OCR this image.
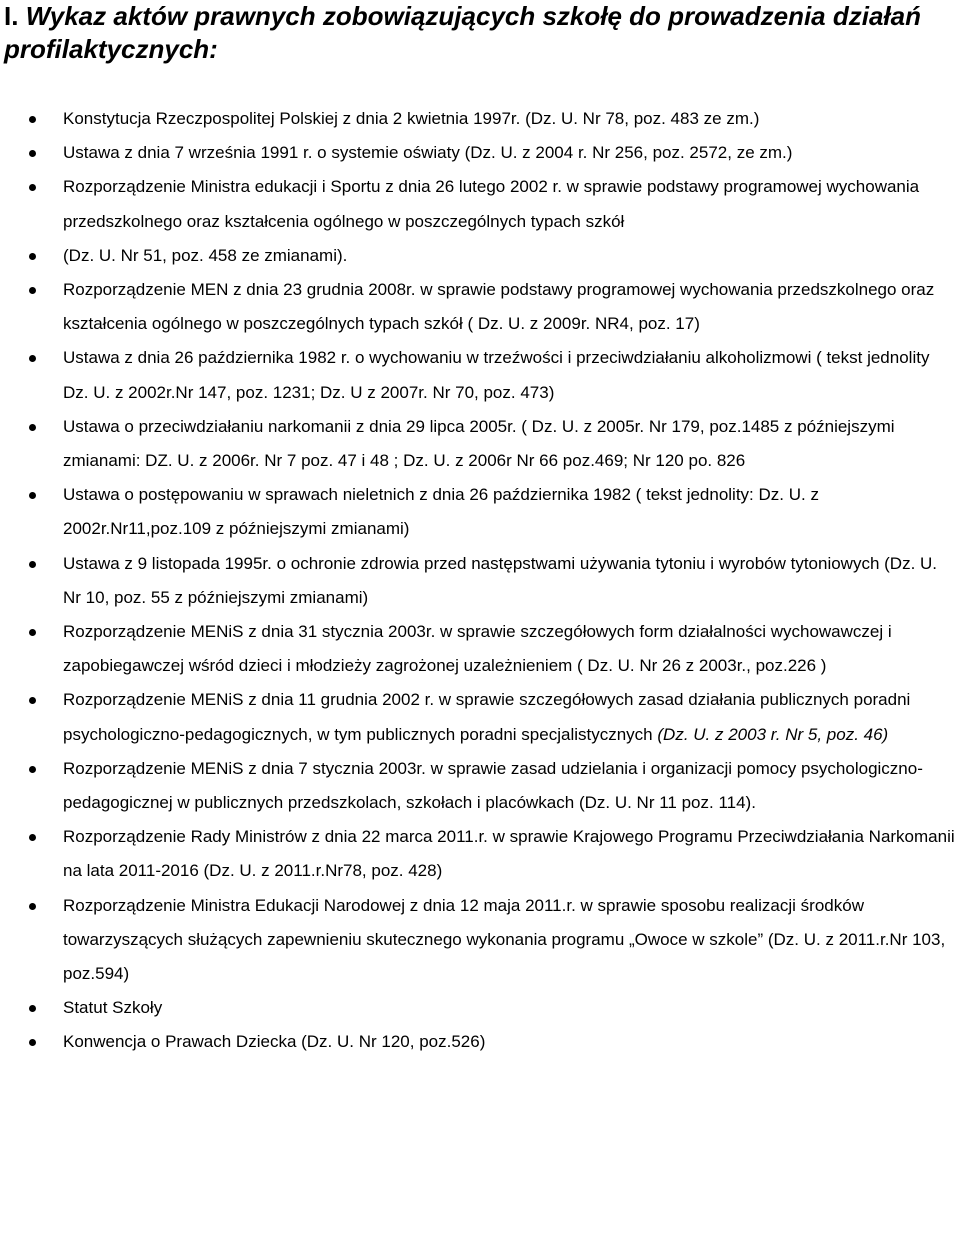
I. Wykaz aktów prawnych zobowiązujących szkołę do prowadzenia działań profilaktycznych:
Konstytucja Rzeczpospolitej Polskiej z dnia 2 kwietnia 1997r. (Dz. U. Nr 78, poz. 483 ze zm.)
Ustawa z dnia 7 września 1991 r. o systemie oświaty (Dz. U. z 2004 r. Nr 256, poz. 2572, ze zm.)
Rozporządzenie Ministra edukacji i Sportu z dnia 26 lutego 2002 r. w sprawie podstawy programowej wychowania przedszkolnego oraz kształcenia ogólnego w poszczególnych typach szkół
(Dz. U. Nr 51, poz. 458 ze zmianami).
Rozporządzenie MEN z dnia 23 grudnia 2008r. w sprawie podstawy programowej wychowania przedszkolnego oraz kształcenia ogólnego w poszczególnych typach szkół ( Dz. U. z 2009r. NR4, poz. 17)
Ustawa z dnia 26 października 1982 r. o wychowaniu w trzeźwości i przeciwdziałaniu alkoholizmowi ( tekst jednolity Dz. U. z 2002r.Nr 147, poz. 1231; Dz. U z 2007r. Nr 70, poz. 473)
Ustawa o przeciwdziałaniu narkomanii z dnia 29 lipca 2005r. ( Dz. U. z 2005r. Nr 179, poz.1485 z późniejszymi zmianami: DZ. U. z 2006r. Nr 7 poz. 47 i 48 ; Dz. U. z 2006r Nr 66 poz.469; Nr 120 po. 826
Ustawa o postępowaniu w sprawach nieletnich z dnia 26 października 1982 ( tekst jednolity: Dz. U. z 2002r.Nr11,poz.109 z późniejszymi zmianami)
Ustawa z 9 listopada 1995r. o ochronie zdrowia przed następstwami używania tytoniu i wyrobów tytoniowych (Dz. U. Nr 10, poz. 55 z późniejszymi zmianami)
Rozporządzenie MENiS z dnia 31 stycznia 2003r. w sprawie szczegółowych form działalności wychowawczej i zapobiegawczej wśród dzieci i młodzieży zagrożonej uzależnieniem ( Dz. U. Nr 26 z 2003r., poz.226 )
Rozporządzenie MENiS z dnia 11 grudnia 2002 r. w sprawie szczegółowych zasad działania publicznych poradni psychologiczno-pedagogicznych, w tym publicznych poradni specjalistycznych (Dz. U. z 2003 r. Nr 5, poz. 46)
Rozporządzenie MENiS z dnia 7 stycznia 2003r. w sprawie zasad udzielania i organizacji pomocy psychologiczno-pedagogicznej w publicznych przedszkolach, szkołach i placówkach (Dz. U. Nr 11 poz. 114).
Rozporządzenie Rady Ministrów z dnia 22 marca 2011.r. w sprawie Krajowego Programu Przeciwdziałania Narkomanii na lata 2011-2016 (Dz. U. z 2011.r.Nr78, poz. 428)
Rozporządzenie Ministra Edukacji Narodowej z dnia 12 maja 2011.r. w sprawie sposobu realizacji środków towarzyszących służących zapewnieniu skutecznego wykonania programu „Owoce w szkole” (Dz. U. z 2011.r.Nr 103, poz.594)
Statut Szkoły
Konwencja o Prawach Dziecka (Dz. U. Nr 120, poz.526)
